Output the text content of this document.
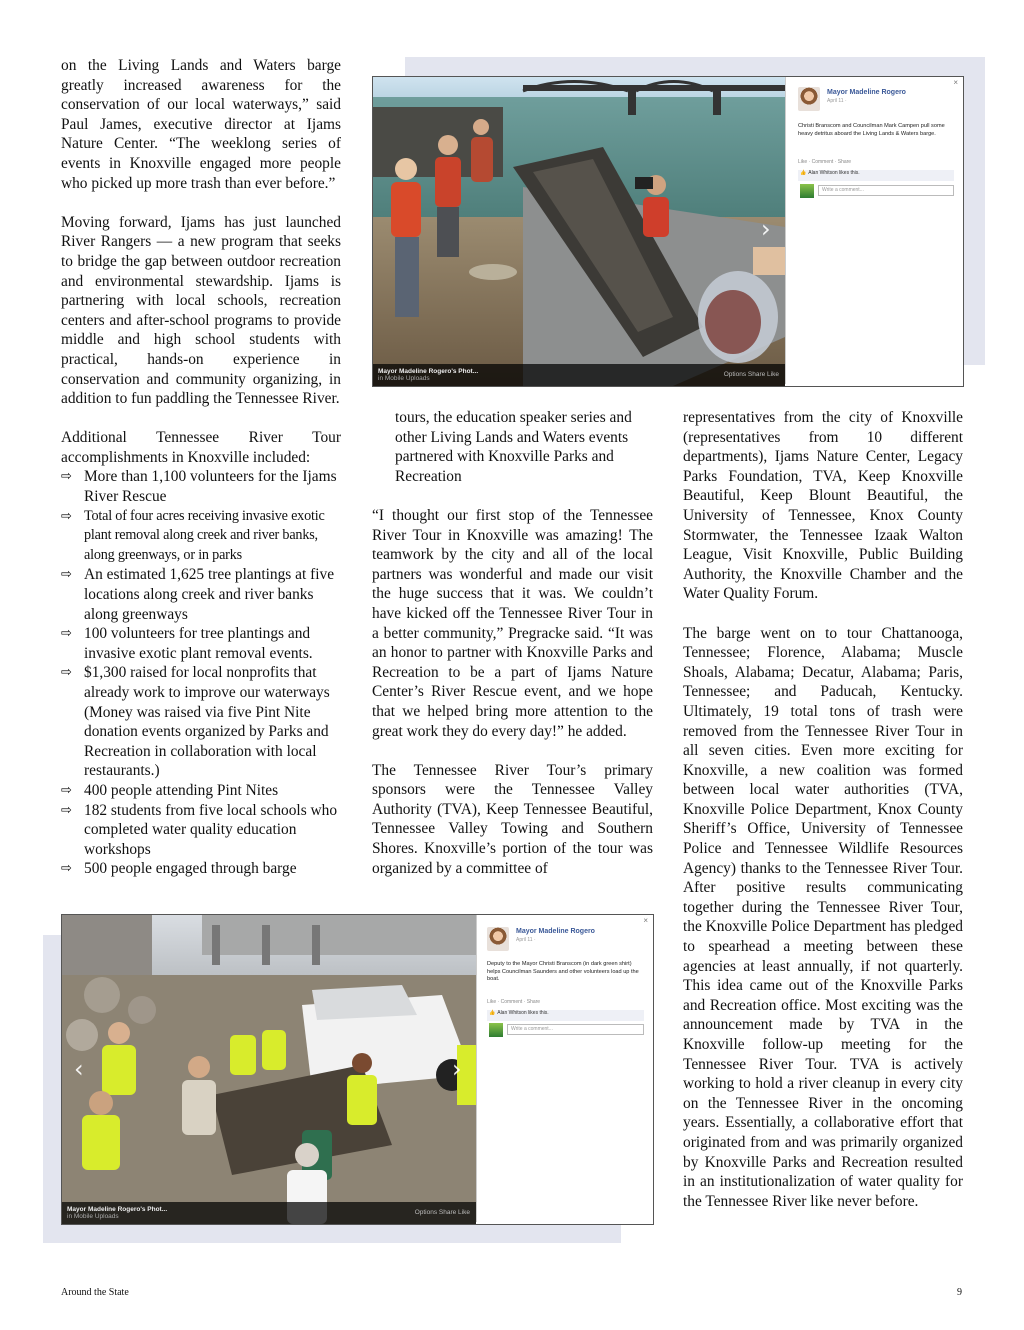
on the Living Lands and Waters barge greatly increased awareness for the conservation of our local waterways,” said Paul James, executive director at Ijams Nature Center. “The weeklong series of events in Knoxville engaged more people who picked up more trash than ever before.”

Moving forward, Ijams has just launched River Rangers — a new program that seeks to bridge the gap between outdoor recreation and environmental stewardship. Ijams is partnering with local schools, recreation centers and after-school programs to provide middle and high school students with practical, hands-on experience in conservation and community organizing, in addition to fun paddling the Tennessee River.

Additional Tennessee River Tour accomplishments in Knoxville included:
⇨ More than 1,100 volunteers for the Ijams River Rescue
⇨ Total of four acres receiving invasive exotic plant removal along creek and river banks, along greenways, or in parks
⇨ An estimated 1,625 tree plantings at five locations along creek and river banks along greenways
⇨ 100 volunteers for tree plantings and invasive exotic plant removal events.
⇨ $1,300 raised for local nonprofits that already work to improve our waterways (Money was raised via five Pint Nite donation events organized by Parks and Recreation in collaboration with local restaurants.)
⇨ 400 people attending Pint Nites
⇨ 182 students from five local schools who completed water quality education workshops
⇨ 500 people engaged through barge

tours, the education speaker series and other Living Lands and Waters events partnered with Knoxville Parks and Recreation

“I thought our first stop of the Tennessee River Tour in Knoxville was amazing! The teamwork by the city and all of the local partners was wonderful and made our visit the huge success that it was. We couldn’t have kicked off the Tennessee River Tour in a better community,” Pregracke said. “It was an honor to partner with Knoxville Parks and Recreation to be a part of Ijams Nature Center’s River Rescue event, and we hope that we helped bring more attention to the great work they do every day!” he added.

The Tennessee River Tour’s primary sponsors were the Tennessee Valley Authority (TVA), Keep Tennessee Beautiful, Tennessee Valley Towing and Southern Shores. Knoxville’s portion of the tour was organized by a committee of

representatives from the city of Knoxville (representatives from 10 different departments), Ijams Nature Center, Legacy Parks Foundation, TVA, Keep Knoxville Beautiful, Keep Blount Beautiful, the University of Tennessee, Knox County Stormwater, the Tennessee Izaak Walton League, Visit Knoxville, Public Building Authority, the Knoxville Chamber and the Water Quality Forum.

The barge went on to tour Chattanooga, Tennessee; Florence, Alabama; Muscle Shoals, Alabama; Decatur, Alabama; Paris, Tennessee; and Paducah, Kentucky. Ultimately, 19 total tons of trash were removed from the Tennessee River Tour in all seven cities. Even more exciting for Knoxville, a new coalition was formed between local water authorities (TVA, Knoxville Police Department, Knox County Sheriff’s Office, University of Tennessee Police and Tennessee Wildlife Resources Agency) thanks to the Tennessee River Tour. After positive results communicating together during the Tennessee River Tour, the Knoxville Police Department has pledged to spearhead a meeting between these agencies at least annually, if not quarterly. This idea came out of the Knoxville Parks and Recreation office. Most exciting was the announcement made by TVA in the Knoxville follow-up meeting for the Tennessee River Tour. TVA is actively working to hold a river cleanup in every city on the Tennessee River in the oncoming years. Essentially, a collaborative effort that originated from and was primarily organized by Knoxville Parks and Recreation resulted in an institutionalization of water quality for the Tennessee River like never before.

›
Mayor Madeline Rogero's Phot...
in Mobile Uploads
Options Share Like
×
Mayor Madeline Rogero
April 11 ·
Christi Branscom and Councilman Mark Campen pull some heavy detritus aboard the Living Lands & Waters barge.
Like · Comment · Share
👍 Alan Whitson likes this.
Write a comment...
‹	›
Mayor Madeline Rogero's Phot...
in Mobile Uploads
Options Share Like
×
Mayor Madeline Rogero
April 11 ·
Deputy to the Mayor Christi Branscom (in dark green shirt) helps Councilman Saunders and other volunteers load up the boat.
Like · Comment · Share
👍 Alan Whitson likes this.
Write a comment...
Around the State	9
